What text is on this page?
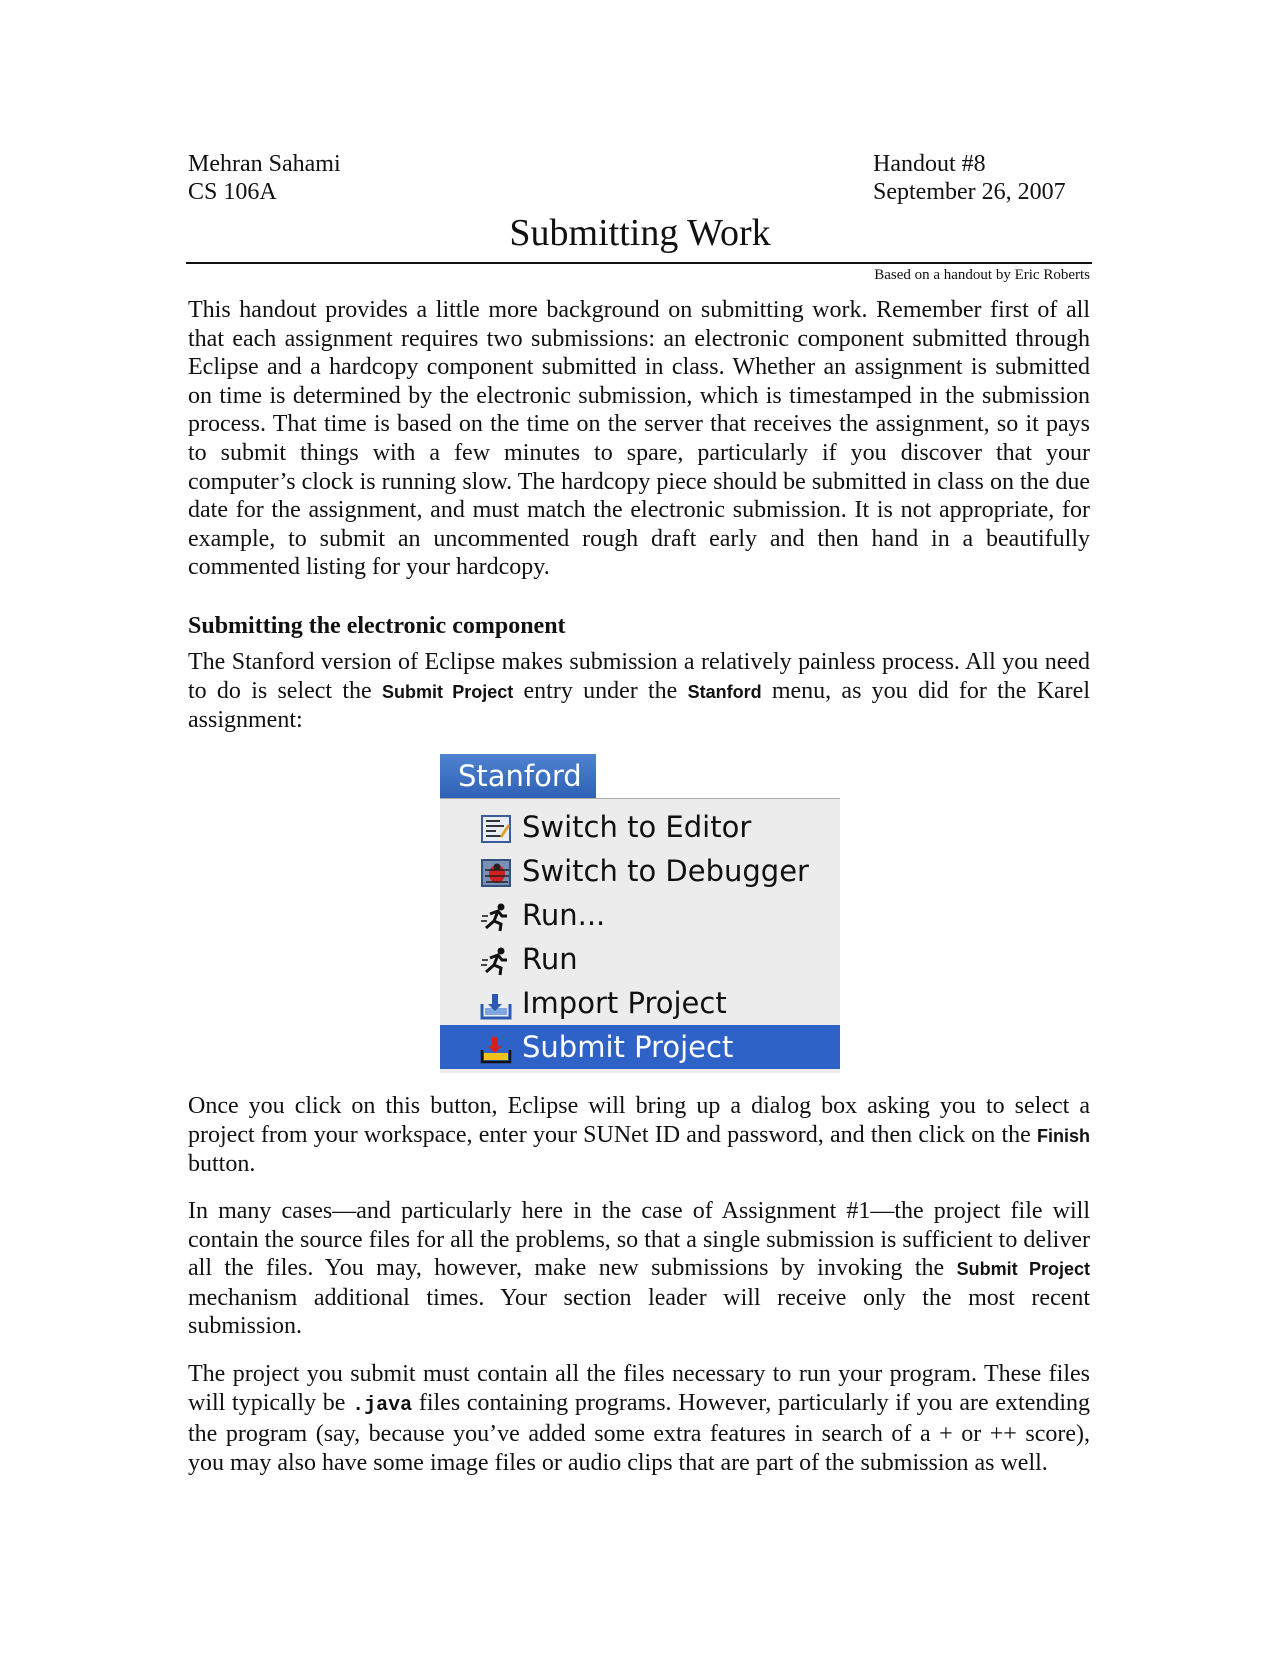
Mehran Sahami
CS 106A
Handout #8
September 26, 2007
Submitting Work
Based on a handout by Eric Roberts

This handout provides a little more background on submitting work. Remember first of all that each assignment requires two submissions: an electronic component submitted through Eclipse and a hardcopy component submitted in class. Whether an assignment is submitted on time is determined by the electronic submission, which is timestamped in the submission process. That time is based on the time on the server that receives the assignment, so it pays to submit things with a few minutes to spare, particularly if you discover that your computer’s clock is running slow. The hardcopy piece should be submitted in class on the due date for the assignment, and must match the electronic submission. It is not appropriate, for example, to submit an uncommented rough draft early and then hand in a beautifully commented listing for your hardcopy.

Submitting the electronic component

The Stanford version of Eclipse makes submission a relatively painless process. All you need to do is select the Submit Project entry under the Stanford menu, as you did for the Karel assignment:

Stanford
Switch to Editor
Switch to Debugger
Run...
Run
Import Project
Submit Project

Once you click on this button, Eclipse will bring up a dialog box asking you to select a project from your workspace, enter your SUNet ID and password, and then click on the Finish button.

In many cases—and particularly here in the case of Assignment #1—the project file will contain the source files for all the problems, so that a single submission is sufficient to deliver all the files. You may, however, make new submissions by invoking the Submit Project mechanism additional times. Your section leader will receive only the most recent submission.

The project you submit must contain all the files necessary to run your program. These files will typically be .java files containing programs. However, particularly if you are extending the program (say, because you’ve added some extra features in search of a + or ++ score), you may also have some image files or audio clips that are part of the submission as well.
